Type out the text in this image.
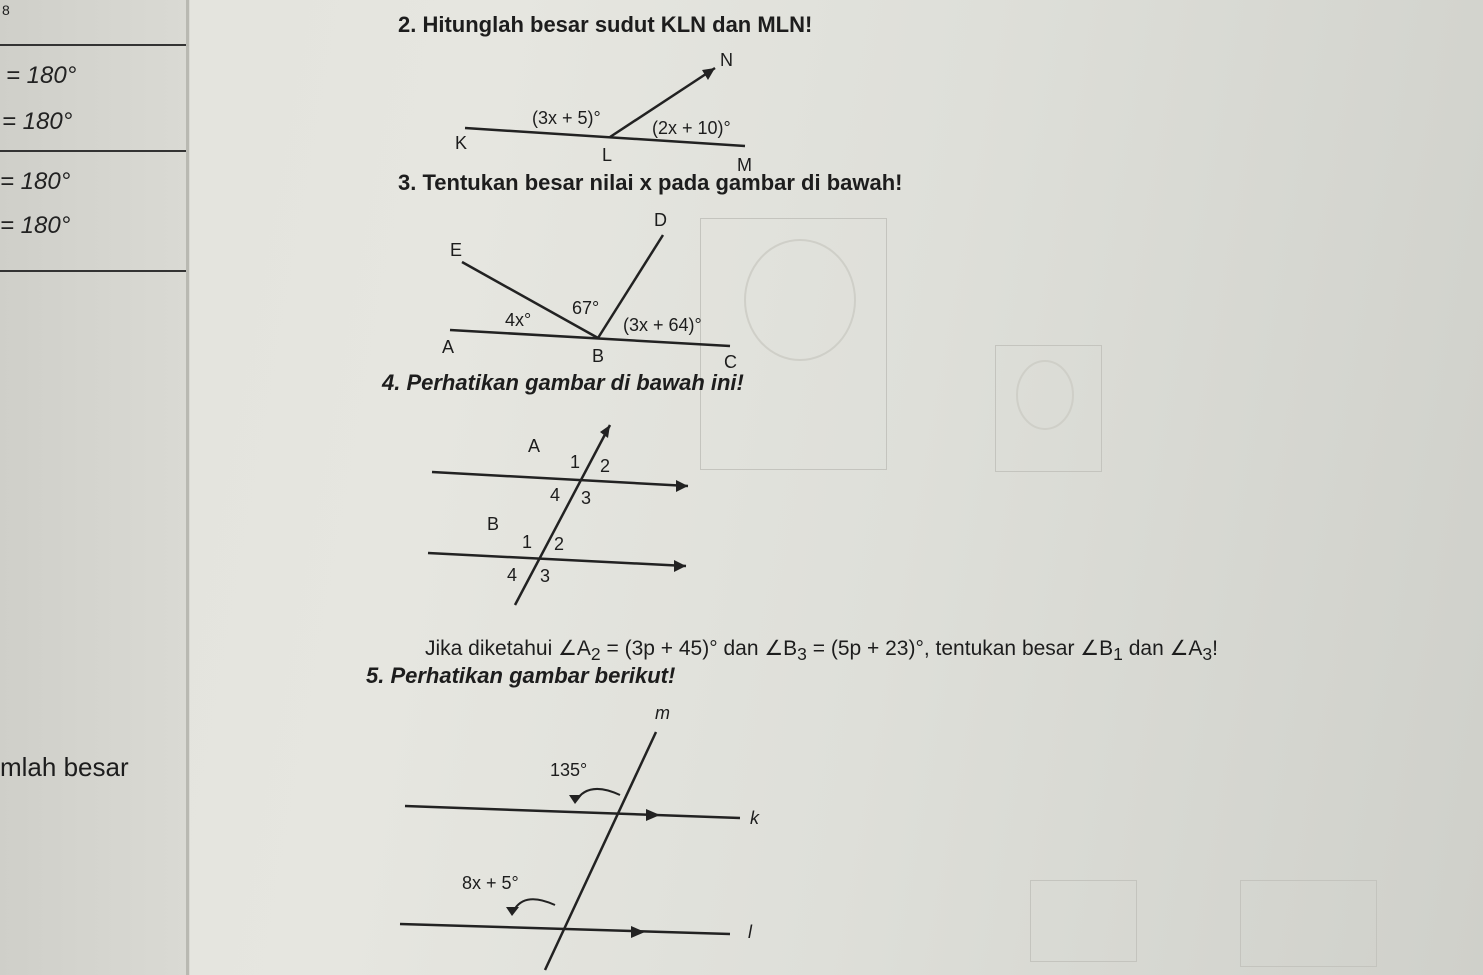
8
= 180°
= 180°
= 180°
= 180°
mlah besar
2. Hitunglah besar sudut KLN dan MLN!
N
K
L	M
(3x + 5)°	(2x + 10)°
3. Tentukan besar nilai x pada gambar di bawah!
D
E
A	B	C
4x°
67°
(3x + 64)°
4. Perhatikan gambar di bawah ini!
A
B
1 2
4 3
1 2
4 3
Jika diketahui $\angle A_2 = (3p + 45)^\circ$ dan $\angle B_3 = (5p + 23)^\circ$, tentukan besar $\angle B_1$ dan $\angle A_3$!
5. Perhatikan gambar berikut!
m
k
l
135°
8x + 5°
